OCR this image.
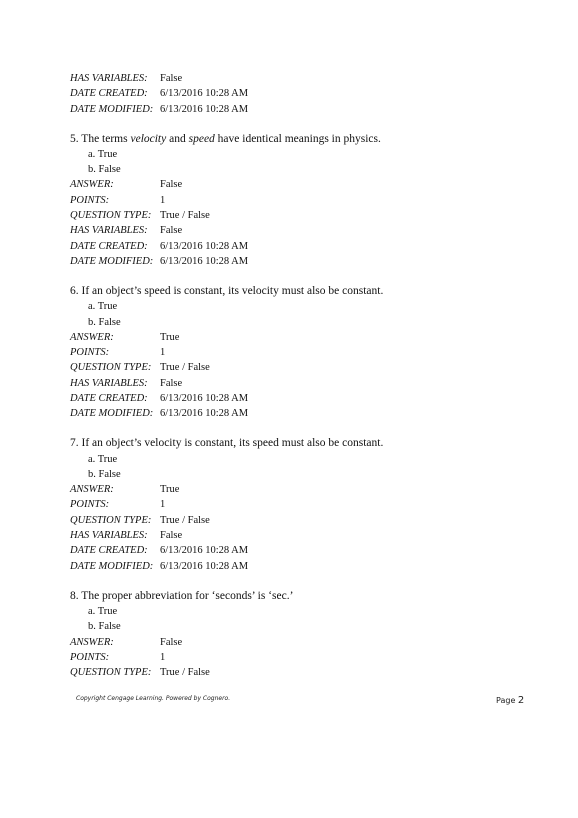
HAS VARIABLES:	False
DATE CREATED:	6/13/2016 10:28 AM
DATE MODIFIED: 6/13/2016 10:28 AM
5. The terms velocity and speed have identical meanings in physics.
a. True
b. False
ANSWER:	False
POINTS:	1
QUESTION TYPE: True / False
HAS VARIABLES:	False
DATE CREATED:	6/13/2016 10:28 AM
DATE MODIFIED: 6/13/2016 10:28 AM
6. If an object’s speed is constant, its velocity must also be constant.
a. True
b. False
ANSWER:	True
POINTS:	1
QUESTION TYPE: True / False
HAS VARIABLES:	False
DATE CREATED:	6/13/2016 10:28 AM
DATE MODIFIED: 6/13/2016 10:28 AM
7. If an object’s velocity is constant, its speed must also be constant.
a. True
b. False
ANSWER:	True
POINTS:	1
QUESTION TYPE: True / False
HAS VARIABLES:	False
DATE CREATED:	6/13/2016 10:28 AM
DATE MODIFIED: 6/13/2016 10:28 AM
8. The proper abbreviation for ‘seconds’ is ‘sec.’
a. True
b. False
ANSWER:	False
POINTS:	1
QUESTION TYPE: True / False
Copyright Cengage Learning. Powered by Cognero.	Page 2
